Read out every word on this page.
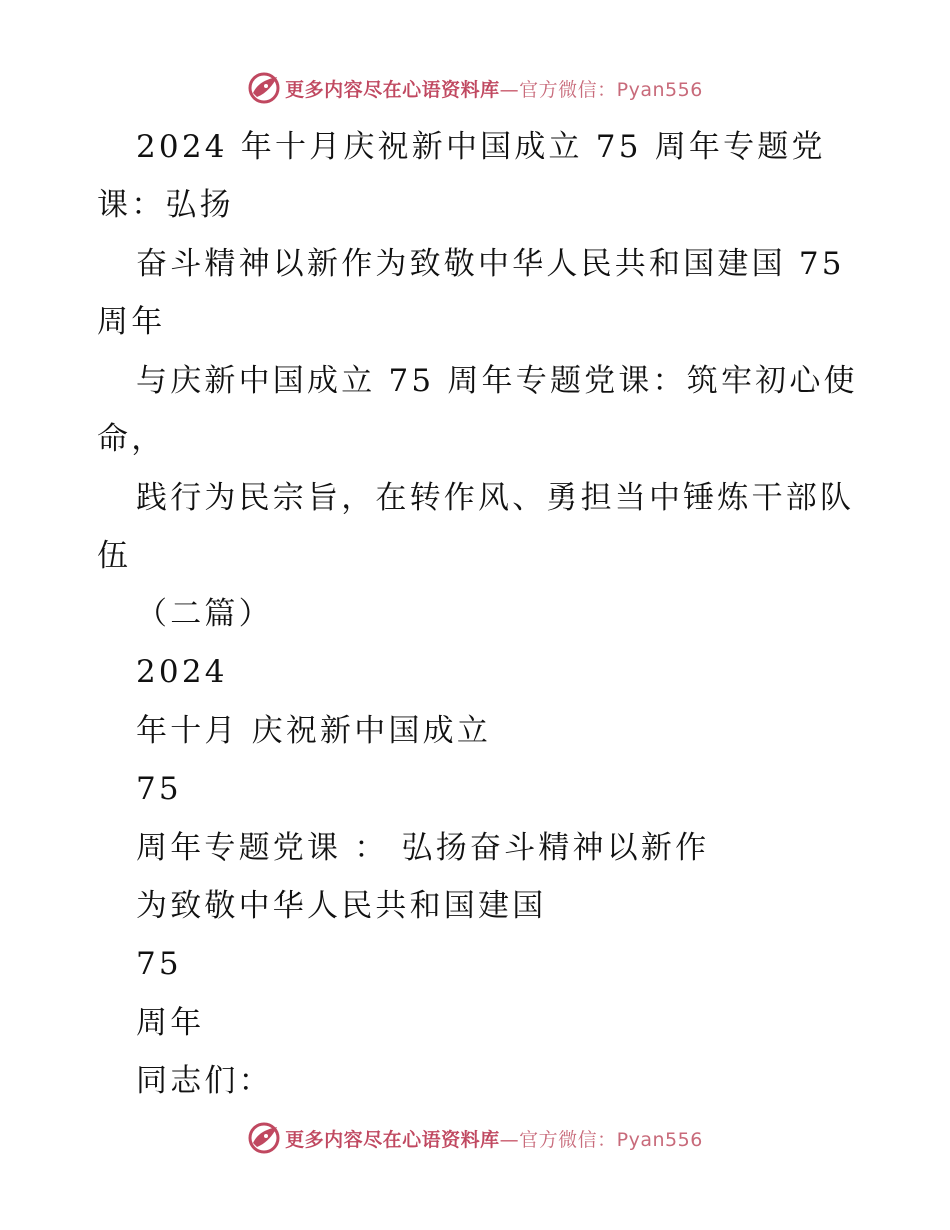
更多内容尽在心语资料库—官方微信：Pyan556
2024 年十月庆祝新中国成立 75 周年专题党
课：弘扬
奋斗精神以新作为致敬中华人民共和国建国 75
周年
与庆新中国成立 75 周年专题党课：筑牢初心使
命，
践行为民宗旨，在转作风、勇担当中锤炼干部队
伍
（二篇）
2024
年十月 庆祝新中国成立
75
周年专题党课 ： 弘扬奋斗精神以新作
为致敬中华人民共和国建国
75
周年
同志们：
更多内容尽在心语资料库—官方微信：Pyan556
